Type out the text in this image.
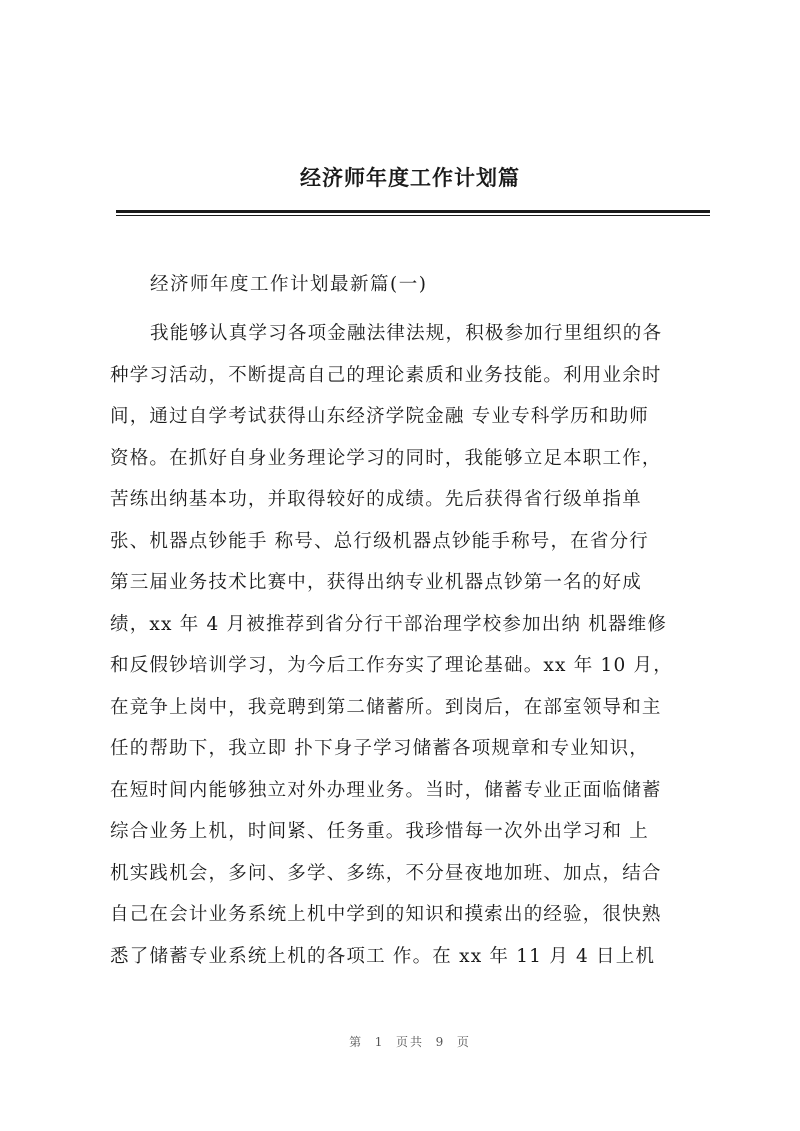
经济师年度工作计划篇
经济师年度工作计划最新篇(一)
我能够认真学习各项金融法律法规，积极参加行里组织的各
种学习活动，不断提高自己的理论素质和业务技能。利用业余时
间，通过自学考试获得山东经济学院金融 专业专科学历和助师
资格。在抓好自身业务理论学习的同时，我能够立足本职工作，
苦练出纳基本功，并取得较好的成绩。先后获得省行级单指单
张、机器点钞能手 称号、总行级机器点钞能手称号，在省分行
第三届业务技术比赛中，获得出纳专业机器点钞第一名的好成
绩，xx 年 4 月被推荐到省分行干部治理学校参加出纳 机器维修
和反假钞培训学习，为今后工作夯实了理论基础。xx 年 10 月，
在竞争上岗中，我竞聘到第二储蓄所。到岗后，在部室领导和主
任的帮助下，我立即 扑下身子学习储蓄各项规章和专业知识，
在短时间内能够独立对外办理业务。当时，储蓄专业正面临储蓄
综合业务上机，时间紧、任务重。我珍惜每一次外出学习和 上
机实践机会，多问、多学、多练，不分昼夜地加班、加点，结合
自己在会计业务系统上机中学到的知识和摸索出的经验，很快熟
悉了储蓄专业系统上机的各项工 作。在 xx 年 11 月 4 日上机
第  1  页共  9  页
